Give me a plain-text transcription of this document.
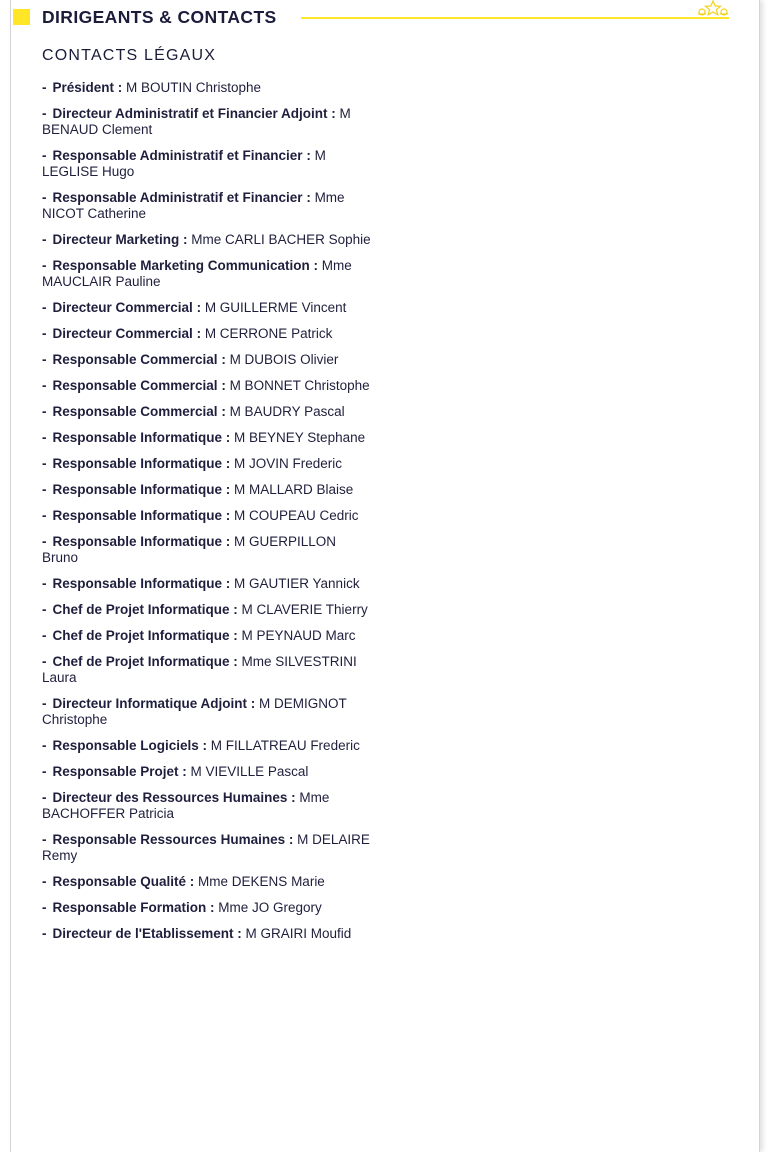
DIRIGEANTS & CONTACTS
CONTACTS LÉGAUX
- Président : M BOUTIN Christophe
- Directeur Administratif et Financier Adjoint : M BENAUD Clement
- Responsable Administratif et Financier : M LEGLISE Hugo
- Responsable Administratif et Financier : Mme NICOT Catherine
- Directeur Marketing : Mme CARLI BACHER Sophie
- Responsable Marketing Communication : Mme MAUCLAIR Pauline
- Directeur Commercial : M GUILLERME Vincent
- Directeur Commercial : M CERRONE Patrick
- Responsable Commercial : M DUBOIS Olivier
- Responsable Commercial : M BONNET Christophe
- Responsable Commercial : M BAUDRY Pascal
- Responsable Informatique : M BEYNEY Stephane
- Responsable Informatique : M JOVIN Frederic
- Responsable Informatique : M MALLARD Blaise
- Responsable Informatique : M COUPEAU Cedric
- Responsable Informatique : M GUERPILLON Bruno
- Responsable Informatique : M GAUTIER Yannick
- Chef de Projet Informatique : M CLAVERIE Thierry
- Chef de Projet Informatique : M PEYNAUD Marc
- Chef de Projet Informatique : Mme SILVESTRINI Laura
- Directeur Informatique Adjoint : M DEMIGNOT Christophe
- Responsable Logiciels : M FILLATREAU Frederic
- Responsable Projet : M VIEVILLE Pascal
- Directeur des Ressources Humaines : Mme BACHOFFER Patricia
- Responsable Ressources Humaines : M DELAIRE Remy
- Responsable Qualité : Mme DEKENS Marie
- Responsable Formation : Mme JO Gregory
- Directeur de l'Etablissement : M GRAIRI Moufid
